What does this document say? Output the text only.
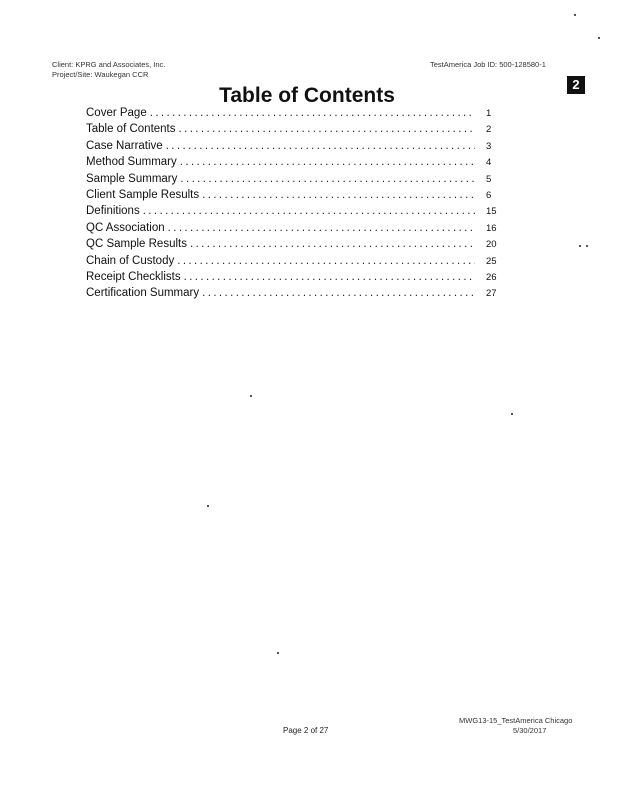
Client: KPRG and Associates, Inc.
Project/Site: Waukegan CCR
TestAmerica Job ID: 500-128580-1
2
Table of Contents
Cover Page .....	1
Table of Contents .....	2
Case Narrative .....	3
Method Summary .....	4
Sample Summary .....	5
Client Sample Results .....	6
Definitions .....	15
QC Association .....	16
QC Sample Results .....	20
Chain of Custody .....	25
Receipt Checklists .....	26
Certification Summary .....	27
Page 2 of 27
MWG13-15_TestAmerica Chicago
5/30/2017
